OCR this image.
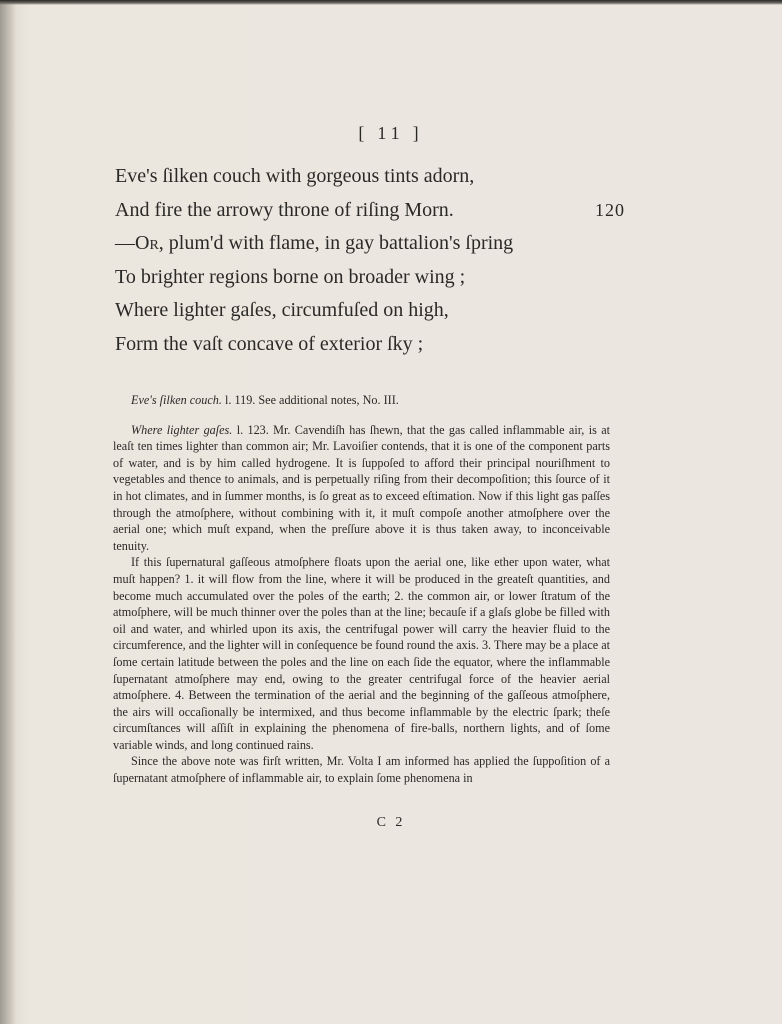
[ 11 ]
Eve's ſilken couch with gorgeous tints adorn,
And fire the arrowy throne of riſing Morn.	120
—Or, plum'd with flame, in gay battalion's ſpring
To brighter regions borne on broader wing ;
Where lighter gaſes, circumfuſed on high,
Form the vaſt concave of exterior ſky ;

Eve's ſilken couch. l. 119. See additional notes, No. III.

Where lighter gaſes. l. 123. Mr. Cavendiſh has ſhewn, that the gas called inflammable air, is at leaſt ten times lighter than common air; Mr. Lavoiſier contends, that it is one of the component parts of water, and is by him called hydrogene. It is ſuppoſed to afford their principal nouriſhment to vegetables and thence to animals, and is perpetually riſing from their decompoſition; this ſource of it in hot climates, and in ſummer months, is ſo great as to exceed eſtimation. Now if this light gas paſſes through the atmoſphere, without combining with it, it muſt compoſe another atmoſphere over the aerial one; which muſt expand, when the preſſure above it is thus taken away, to inconceivable tenuity.

If this ſupernatural gaſſeous atmoſphere floats upon the aerial one, like ether upon water, what muſt happen? 1. it will flow from the line, where it will be produced in the greateſt quantities, and become much accumulated over the poles of the earth; 2. the common air, or lower ſtratum of the atmoſphere, will be much thinner over the poles than at the line; becauſe if a glaſs globe be filled with oil and water, and whirled upon its axis, the centrifugal power will carry the heavier fluid to the circumference, and the lighter will in conſequence be found round the axis. 3. There may be a place at ſome certain latitude between the poles and the line on each ſide the equator, where the inflammable ſupernatant atmoſphere may end, owing to the greater centrifugal force of the heavier aerial atmoſphere. 4. Between the termination of the aerial and the beginning of the gaſſeous atmoſphere, the airs will occaſionally be intermixed, and thus become inflammable by the electric ſpark; theſe circumſtances will aſſiſt in explaining the phenomena of fire-balls, northern lights, and of ſome variable winds, and long continued rains.

Since the above note was firſt written, Mr. Volta I am informed has applied the ſuppoſition of a ſupernatant atmoſphere of inflammable air, to explain ſome phenomena in

C 2
